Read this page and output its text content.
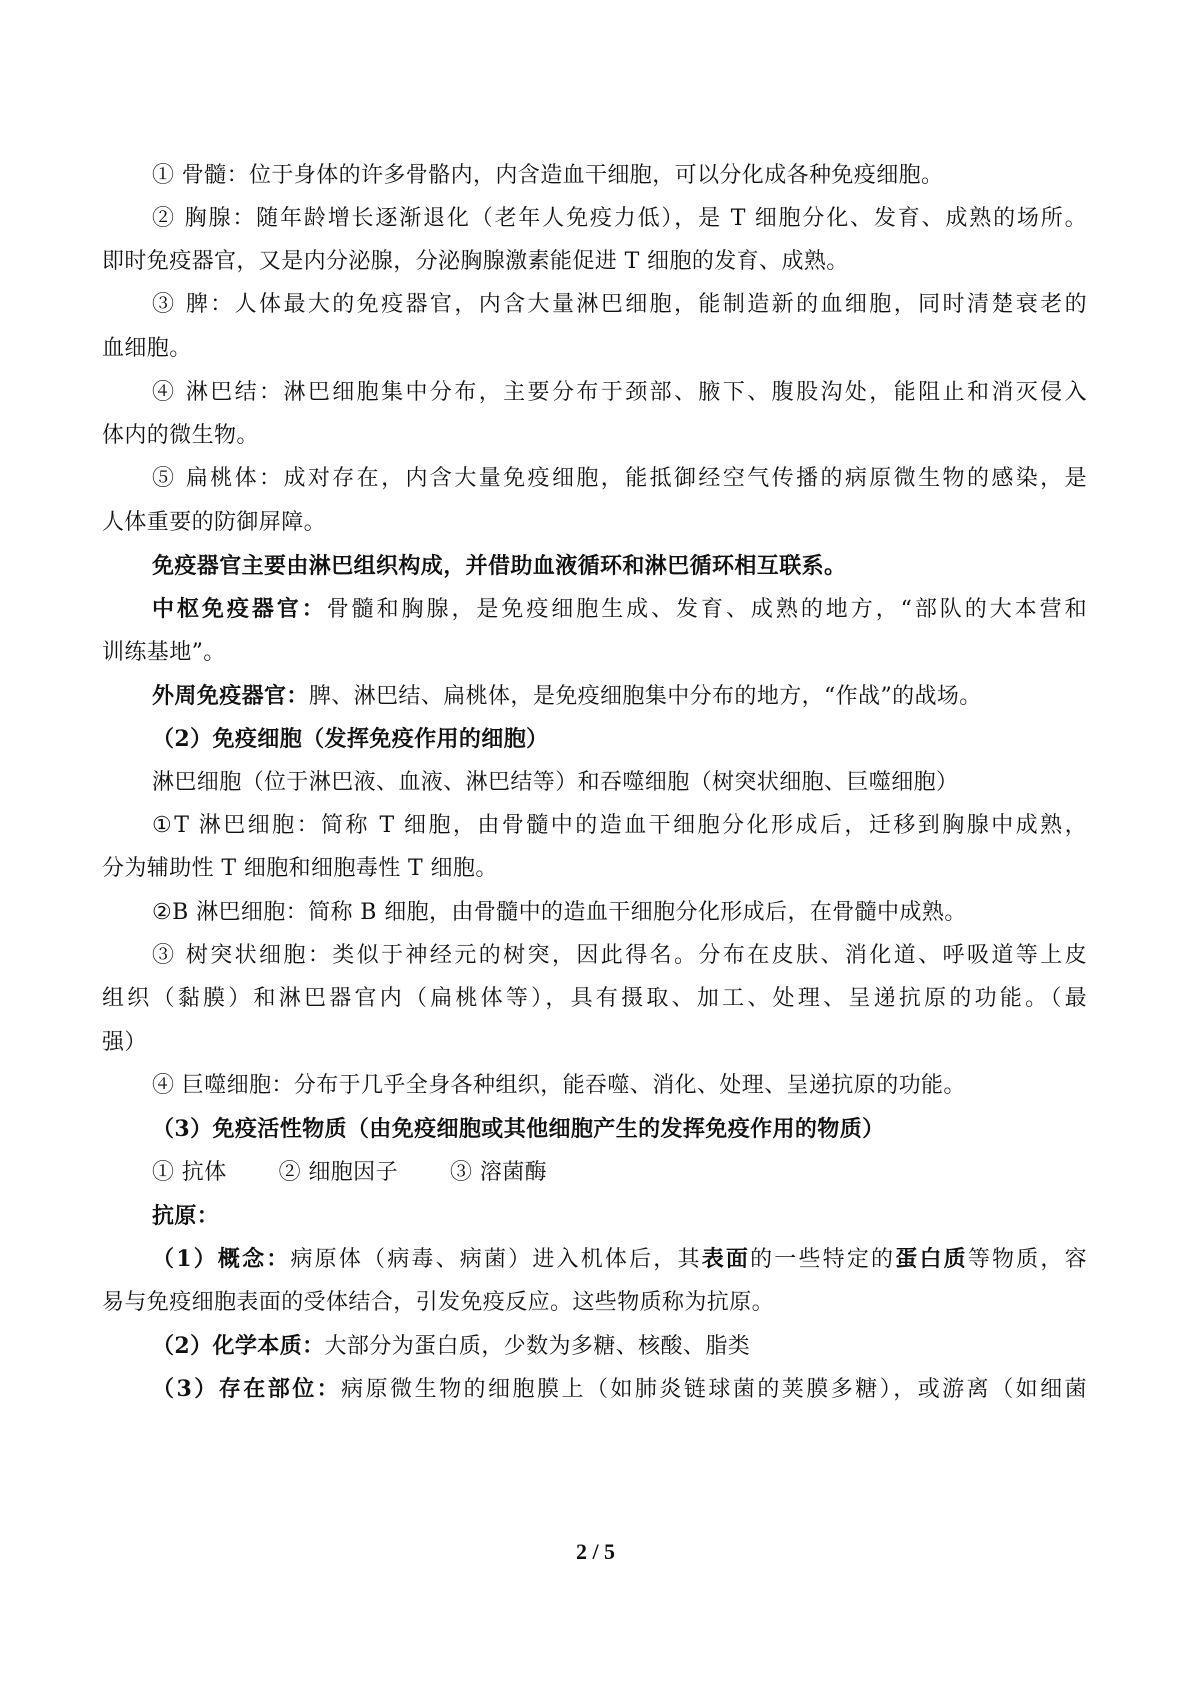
① 骨髓：位于身体的许多骨骼内，内含造血干细胞，可以分化成各种免疫细胞。
② 胸腺：随年龄增长逐渐退化（老年人免疫力低），是 T 细胞分化、发育、成熟的场所。
即时免疫器官，又是内分泌腺，分泌胸腺激素能促进 T 细胞的发育、成熟。
③ 脾：人体最大的免疫器官，内含大量淋巴细胞，能制造新的血细胞，同时清楚衰老的
血细胞。
④ 淋巴结：淋巴细胞集中分布，主要分布于颈部、腋下、腹股沟处，能阻止和消灭侵入
体内的微生物。
⑤ 扁桃体：成对存在，内含大量免疫细胞，能抵御经空气传播的病原微生物的感染，是
人体重要的防御屏障。
免疫器官主要由淋巴组织构成，并借助血液循环和淋巴循环相互联系。
中枢免疫器官：骨髓和胸腺，是免疫细胞生成、发育、成熟的地方，“部队的大本营和
训练基地”。
外周免疫器官：脾、淋巴结、扁桃体，是免疫细胞集中分布的地方，“作战”的战场。
（2）免疫细胞（发挥免疫作用的细胞）
淋巴细胞（位于淋巴液、血液、淋巴结等）和吞噬细胞（树突状细胞、巨噬细胞）
①T 淋巴细胞：简称 T 细胞，由骨髓中的造血干细胞分化形成后，迁移到胸腺中成熟，
分为辅助性 T 细胞和细胞毒性 T 细胞。
②B 淋巴细胞：简称 B 细胞，由骨髓中的造血干细胞分化形成后，在骨髓中成熟。
③ 树突状细胞：类似于神经元的树突，因此得名。分布在皮肤、消化道、呼吸道等上皮
组织（黏膜）和淋巴器官内（扁桃体等），具有摄取、加工、处理、呈递抗原的功能。（最
强）
④ 巨噬细胞：分布于几乎全身各种组织，能吞噬、消化、处理、呈递抗原的功能。
（3）免疫活性物质（由免疫细胞或其他细胞产生的发挥免疫作用的物质）
① 抗体 ② 细胞因子 ③ 溶菌酶
抗原：
（1）概念：病原体（病毒、病菌）进入机体后，其表面的一些特定的蛋白质等物质，容
易与免疫细胞表面的受体结合，引发免疫反应。这些物质称为抗原。
（2）化学本质：大部分为蛋白质，少数为多糖、核酸、脂类
（3）存在部位：病原微生物的细胞膜上（如肺炎链球菌的荚膜多糖），或游离（如细菌
2 / 5
